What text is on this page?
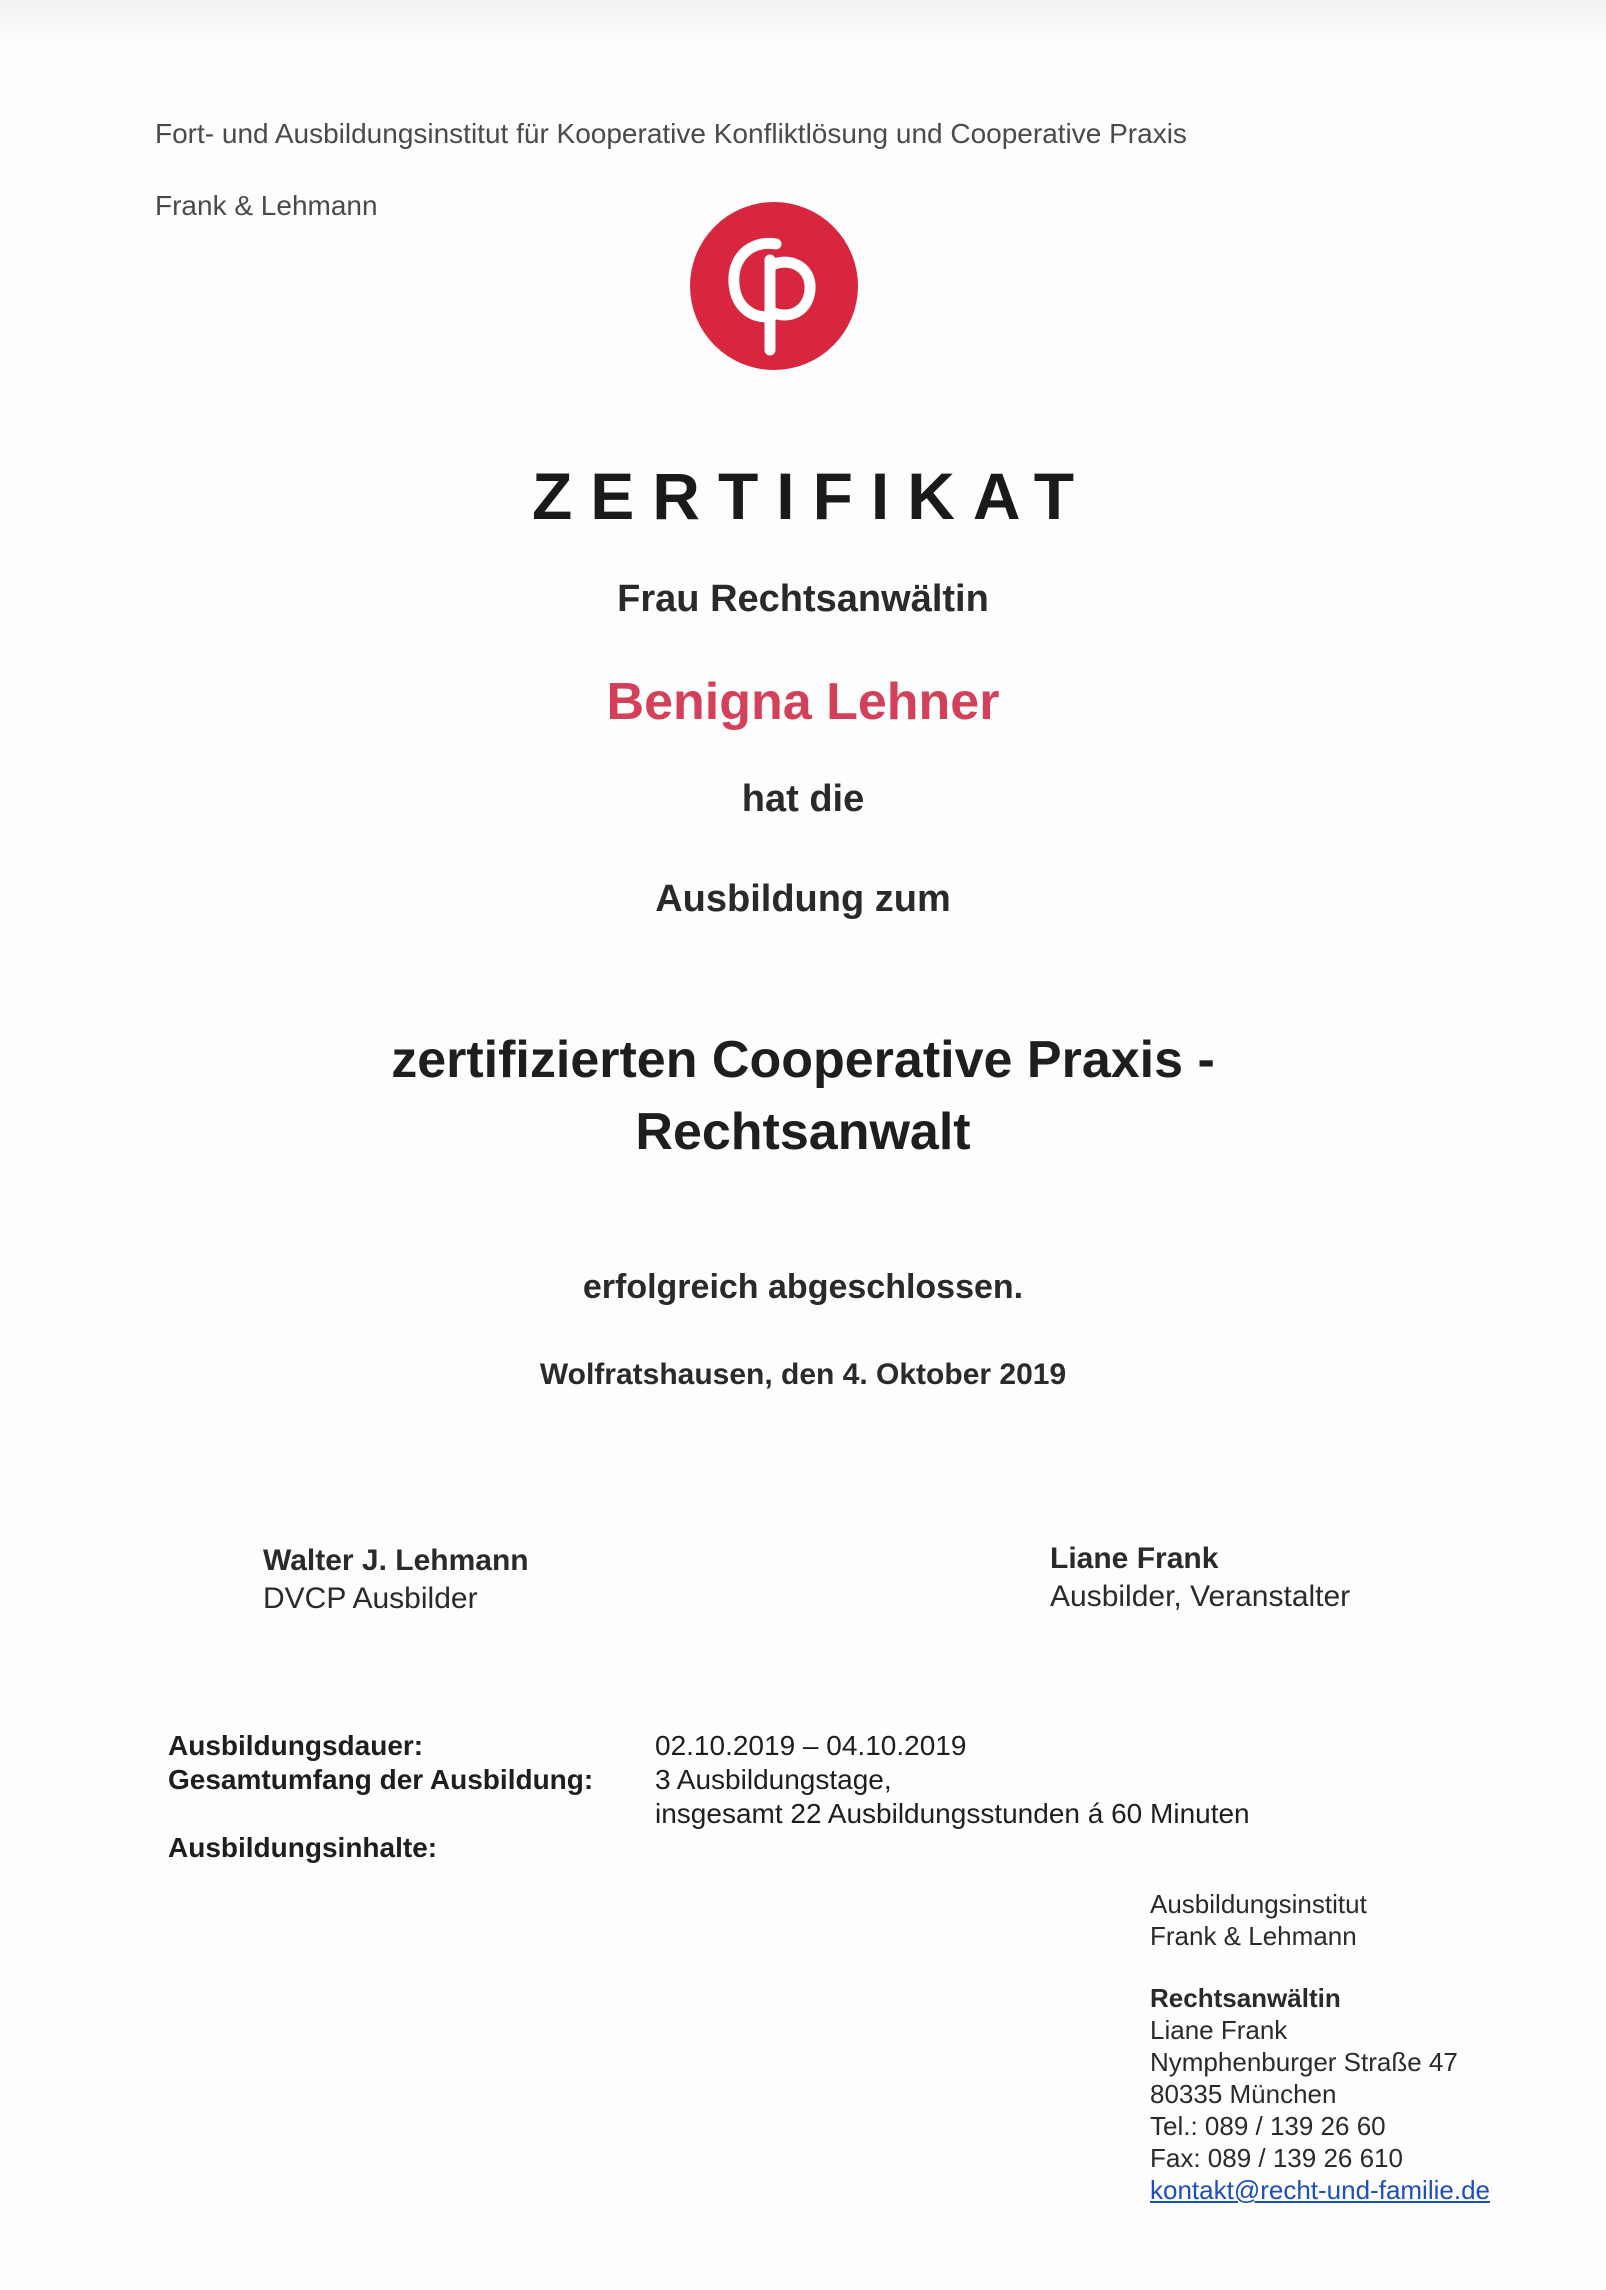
Fort- und Ausbildungsinstitut für Kooperative Konfliktlösung und Cooperative Praxis
Frank & Lehmann
ZERTIFIKAT
Frau Rechtsanwältin
Benigna Lehner
hat die
Ausbildung zum
zertifizierten Cooperative Praxis -
Rechtsanwalt
erfolgreich abgeschlossen.
Wolfratshausen, den 4. Oktober 2019
Walter J. Lehmann
DVCP Ausbilder
Liane Frank
Ausbilder, Veranstalter
Ausbildungsdauer:	02.10.2019 – 04.10.2019
Gesamtumfang der Ausbildung: 3 Ausbildungstage,
insgesamt 22 Ausbildungsstunden á 60 Minuten
Ausbildungsinhalte:
Ausbildungsinstitut
Frank & Lehmann
Rechtsanwältin
Liane Frank
Nymphenburger Straße 47
80335 München
Tel.: 089 / 139 26 60
Fax: 089 / 139 26 610
kontakt@recht-und-familie.de
